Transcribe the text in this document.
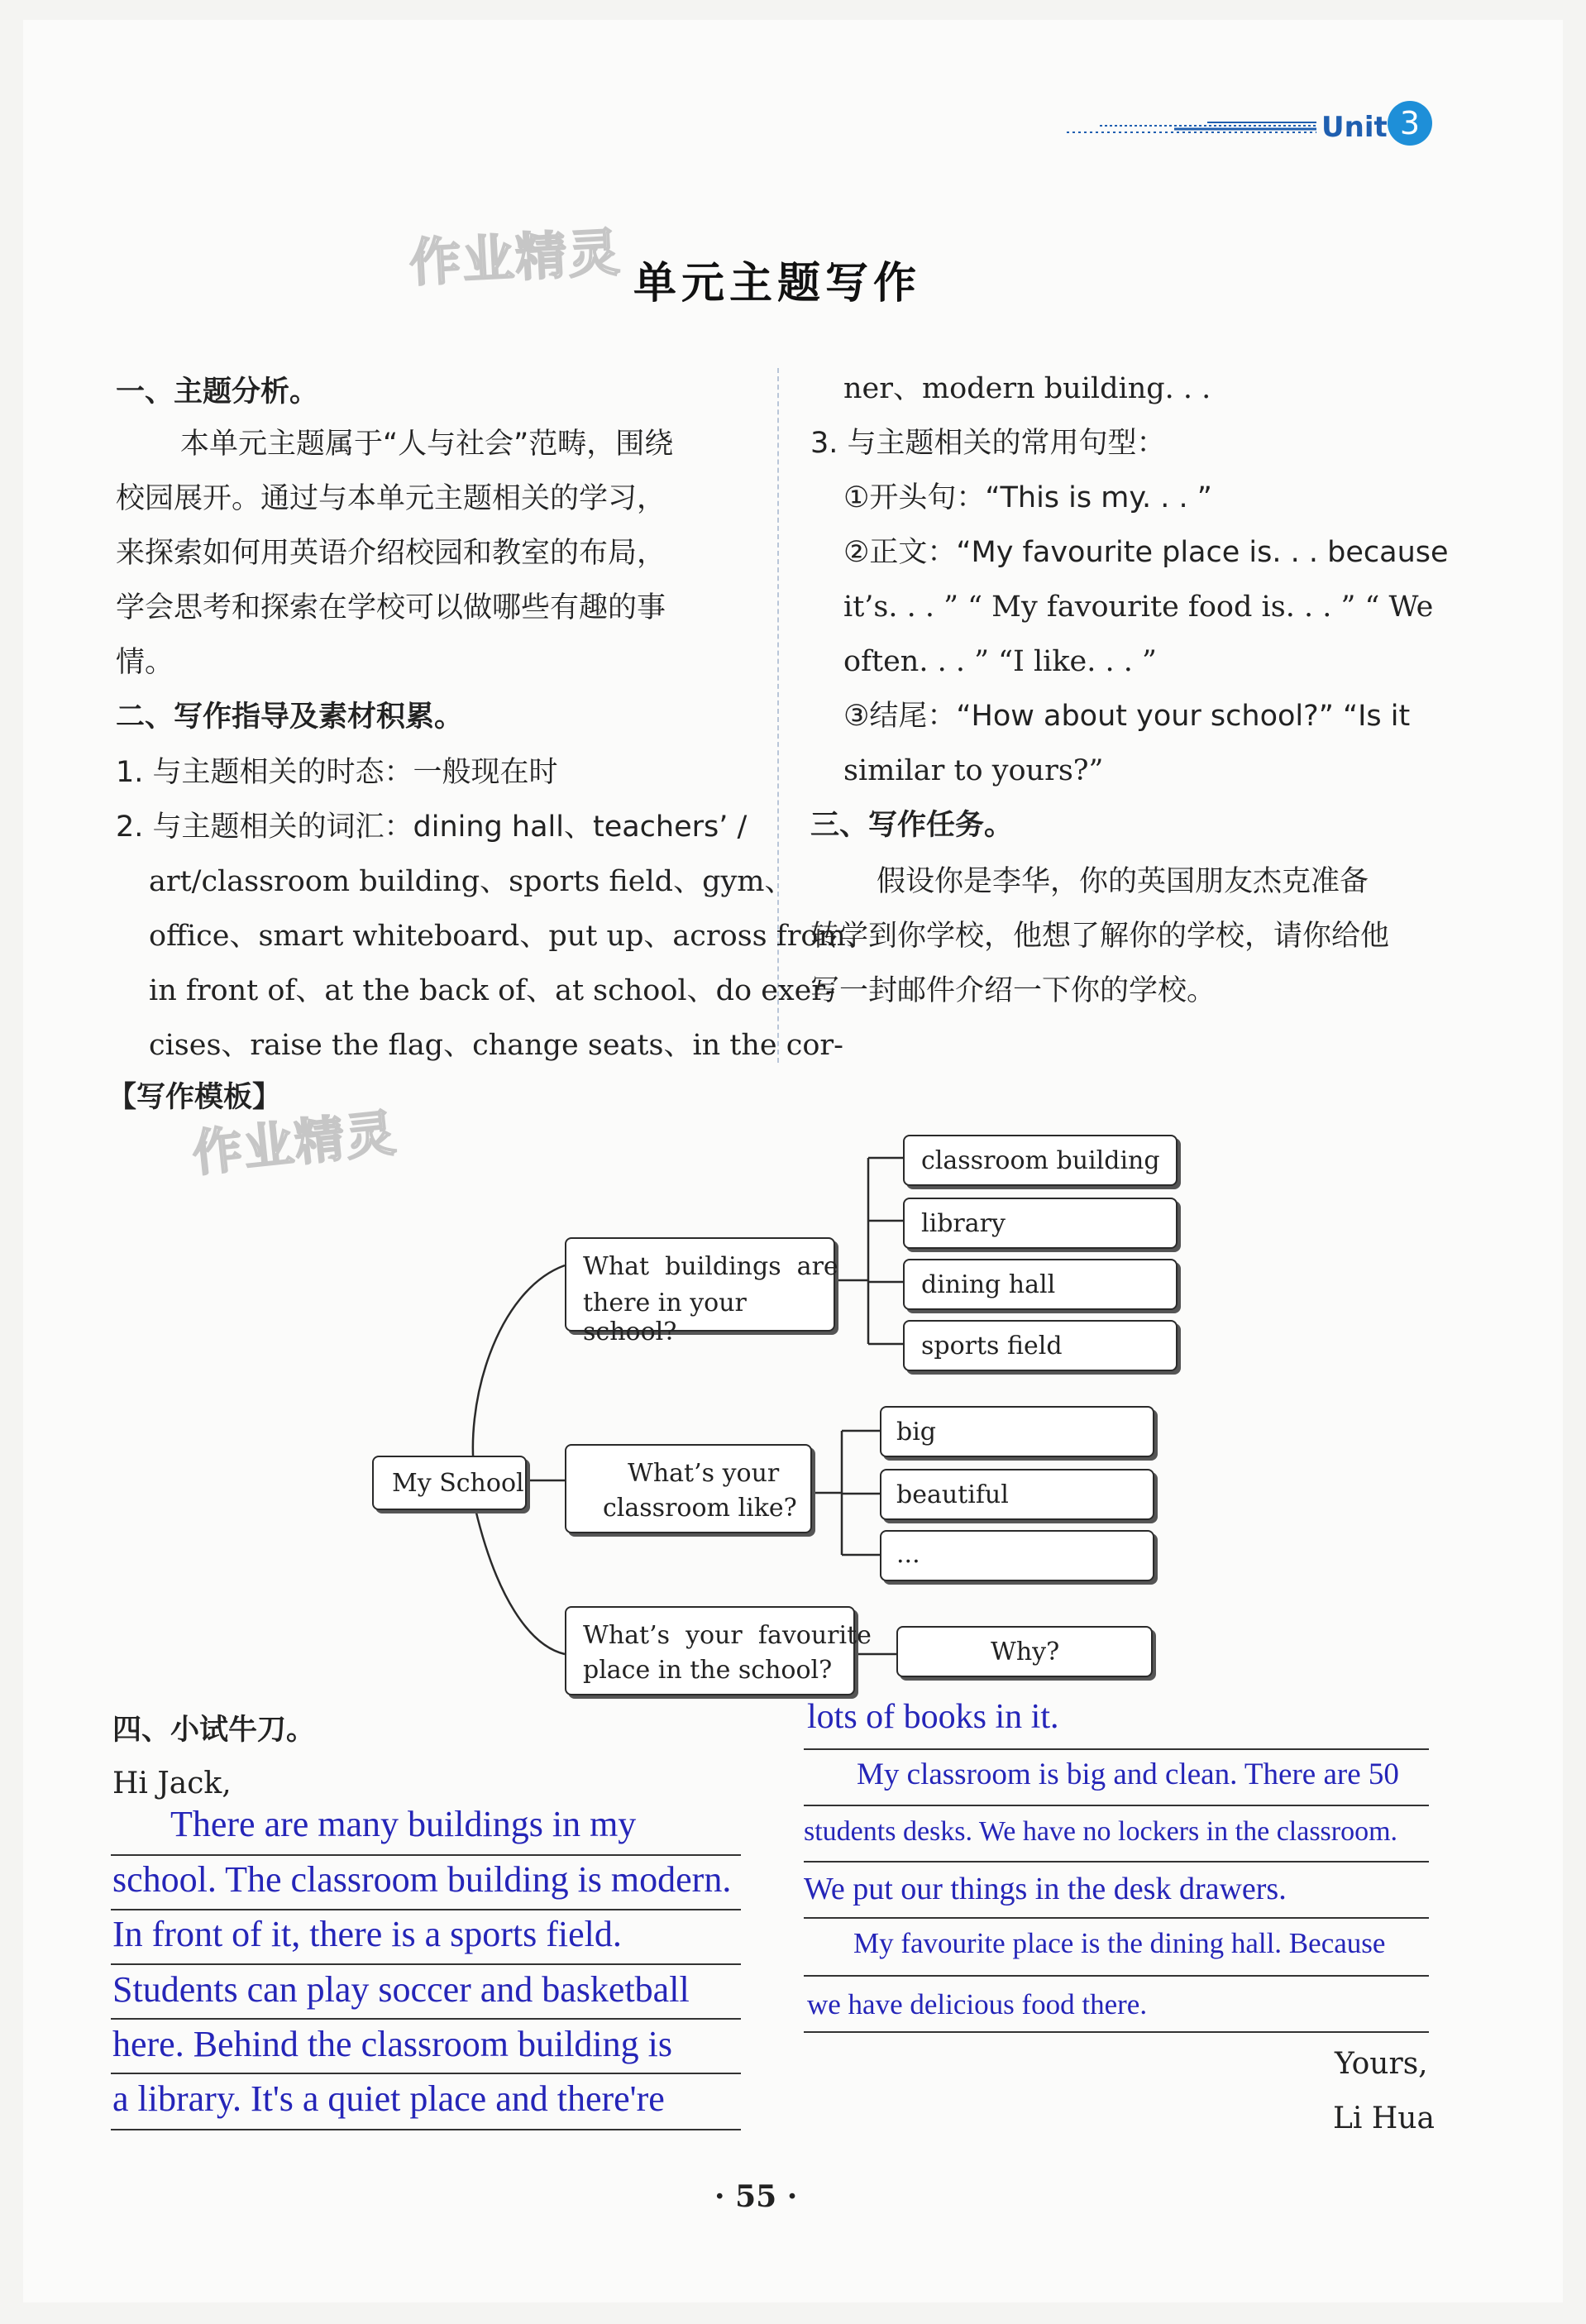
Unit 3
作业精灵
作业精灵
单元主题写作
一、主题分析。
本单元主题属于“人与社会”范畴，围绕
校园展开。通过与本单元主题相关的学习，
来探索如何用英语介绍校园和教室的布局，
学会思考和探索在学校可以做哪些有趣的事
情。
二、写作指导及素材积累。
1. 与主题相关的时态：一般现在时
2. 与主题相关的词汇：dining hall、teachers’ /
art/classroom building、sports field、gym、
office、smart whiteboard、put up、across from、
in front of、at the back of、at school、do exer-
cises、raise the flag、change seats、in the cor-
ner、modern building. . .
3. 与主题相关的常用句型：
①开头句：“This is my. . . ”
②正文：“My favourite place is. . . because
it’s. . . ” “ My favourite food is. . . ” “ We
often. . . ” “I like. . . ”
③结尾：“How about your school?” “Is it
similar to yours?”
三、写作任务。
假设你是李华，你的英国朋友杰克准备
转学到你学校，他想了解你的学校，请你给他
写一封邮件介绍一下你的学校。
【写作模板】
My School
What  buildings  are
there in your school?
What’s your
classroom like?
What’s  your  favourite
place in the school?
classroom building
library
dining hall
sports field
big
beautiful
...
Why?
四、小试牛刀。
Hi Jack,
There are many buildings in my
school. The classroom building is modern.
In front of it, there is a sports field.
Students can play soccer and basketball
here. Behind the classroom building is
a library. It's a quiet place and there're
lots of books in it.
My classroom is big and clean. There are 50
students desks. We have no lockers in the classroom.
We put our things in the desk drawers.
My favourite place is the dining hall. Because
we have delicious food there.
Yours,
Li Hua
· 55 ·
